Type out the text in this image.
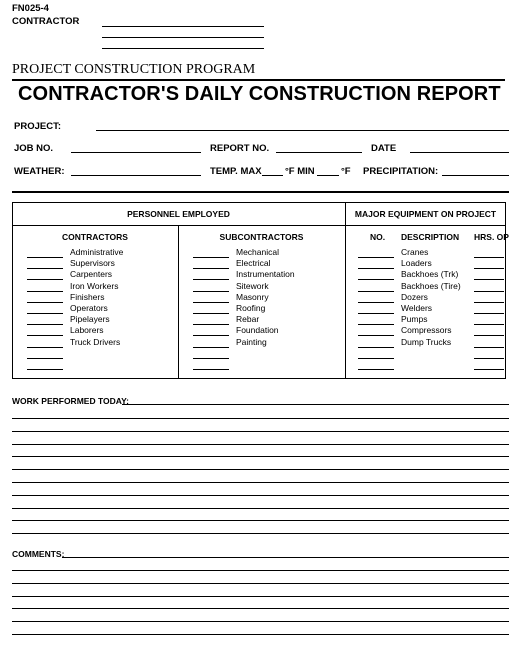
FN025-4
CONTRACTOR
PROJECT CONSTRUCTION PROGRAM
CONTRACTOR'S DAILY CONSTRUCTION REPORT
PROJECT:
JOB NO.	REPORT NO.	DATE
WEATHER:	TEMP. MAX °F MIN	°F PRECIPITATION:
PERSONNEL EMPLOYED	MAJOR EQUIPMENT ON PROJECT
CONTRACTORS	SUBCONTRACTORS	NO. DESCRIPTION HRS. OP
Administrative	Mechanical	Cranes
Supervisors	Electrical	Loaders
Carpenters	Instrumentation	Backhoes (Trk)
Iron Workers	Sitework	Backhoes (Tire)
Finishers	Masonry	Dozers
Operators	Roofing	Welders
Pipelayers	Rebar	Pumps
Laborers	Foundation	Compressors
Truck Drivers	Painting	Dump Trucks
WORK PERFORMED TODAY:
COMMENTS:
